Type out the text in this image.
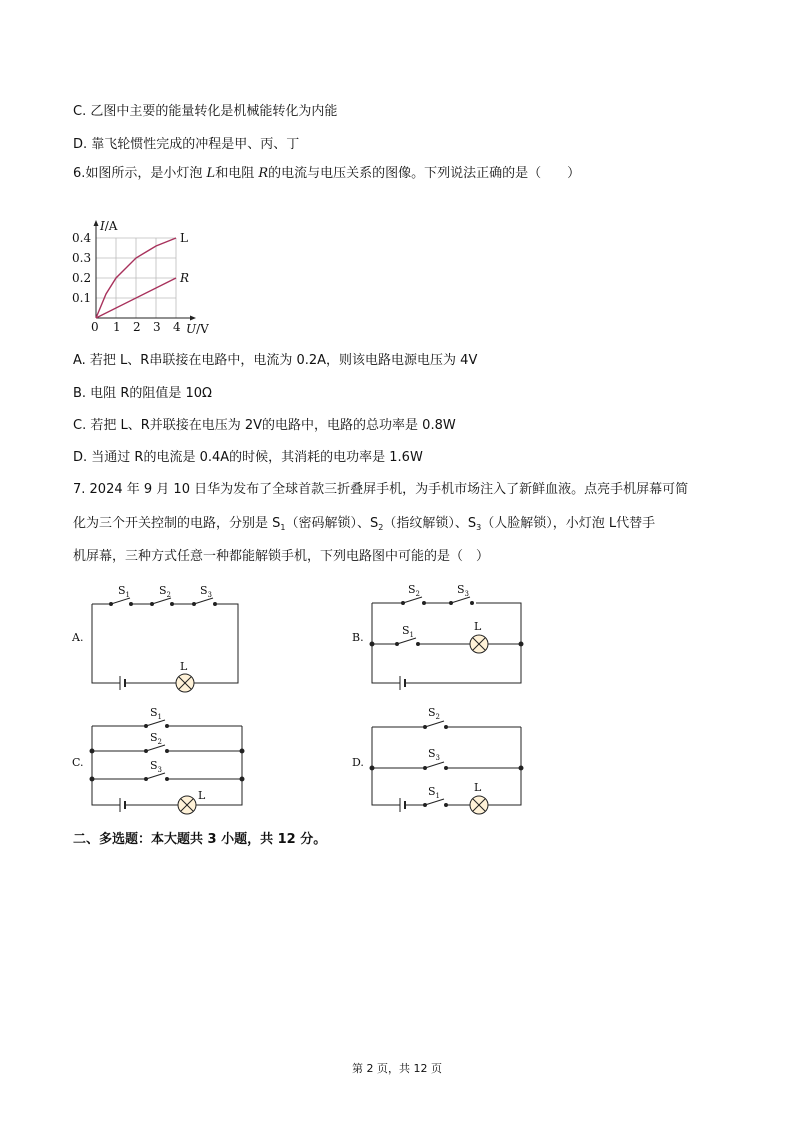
C. 乙图中主要的能量转化是机械能转化为内能
D. 靠飞轮惯性完成的冲程是甲、丙、丁
6.如图所示，是小灯泡 L和电阻 R的电流与电压关系的图像。下列说法正确的是（　　）
L
R
0 1 2 3 4
0.1
0.2
0.3
0.4
I/A
U/V
A. 若把 L、R串联接在电路中，电流为 0.2A，则该电路电源电压为 4V
B. 电阻 R的阻值是 10Ω
C. 若把 L、R并联接在电压为 2V的电路中，电路的总功率是 0.8W
D. 当通过 R的电流是 0.4A的时候，其消耗的电功率是 1.6W
7. 2024 年 9 月 10 日华为发布了全球首款三折叠屏手机，为手机市场注入了新鲜血液。点亮手机屏幕可简
化为三个开关控制的电路，分别是 $S_1$（密码解锁）、$S_2$（指纹解锁）、$S_3$（人脸解锁），小灯泡 L代替手
机屏幕，三种方式任意一种都能解锁手机，下列电路图中可能的是（　）
A.
$S_1$	$S_2$	$S_3$
L
B.
$S_2$	$S_3$
$S_1$
L
C.
$S_1$
$S_2$
$S_3$
L
D.
$S_2$
$S_3$
$S_1$
L
二、多选题：本大题共 3 小题，共 12 分。
第 2 页，共 12 页
